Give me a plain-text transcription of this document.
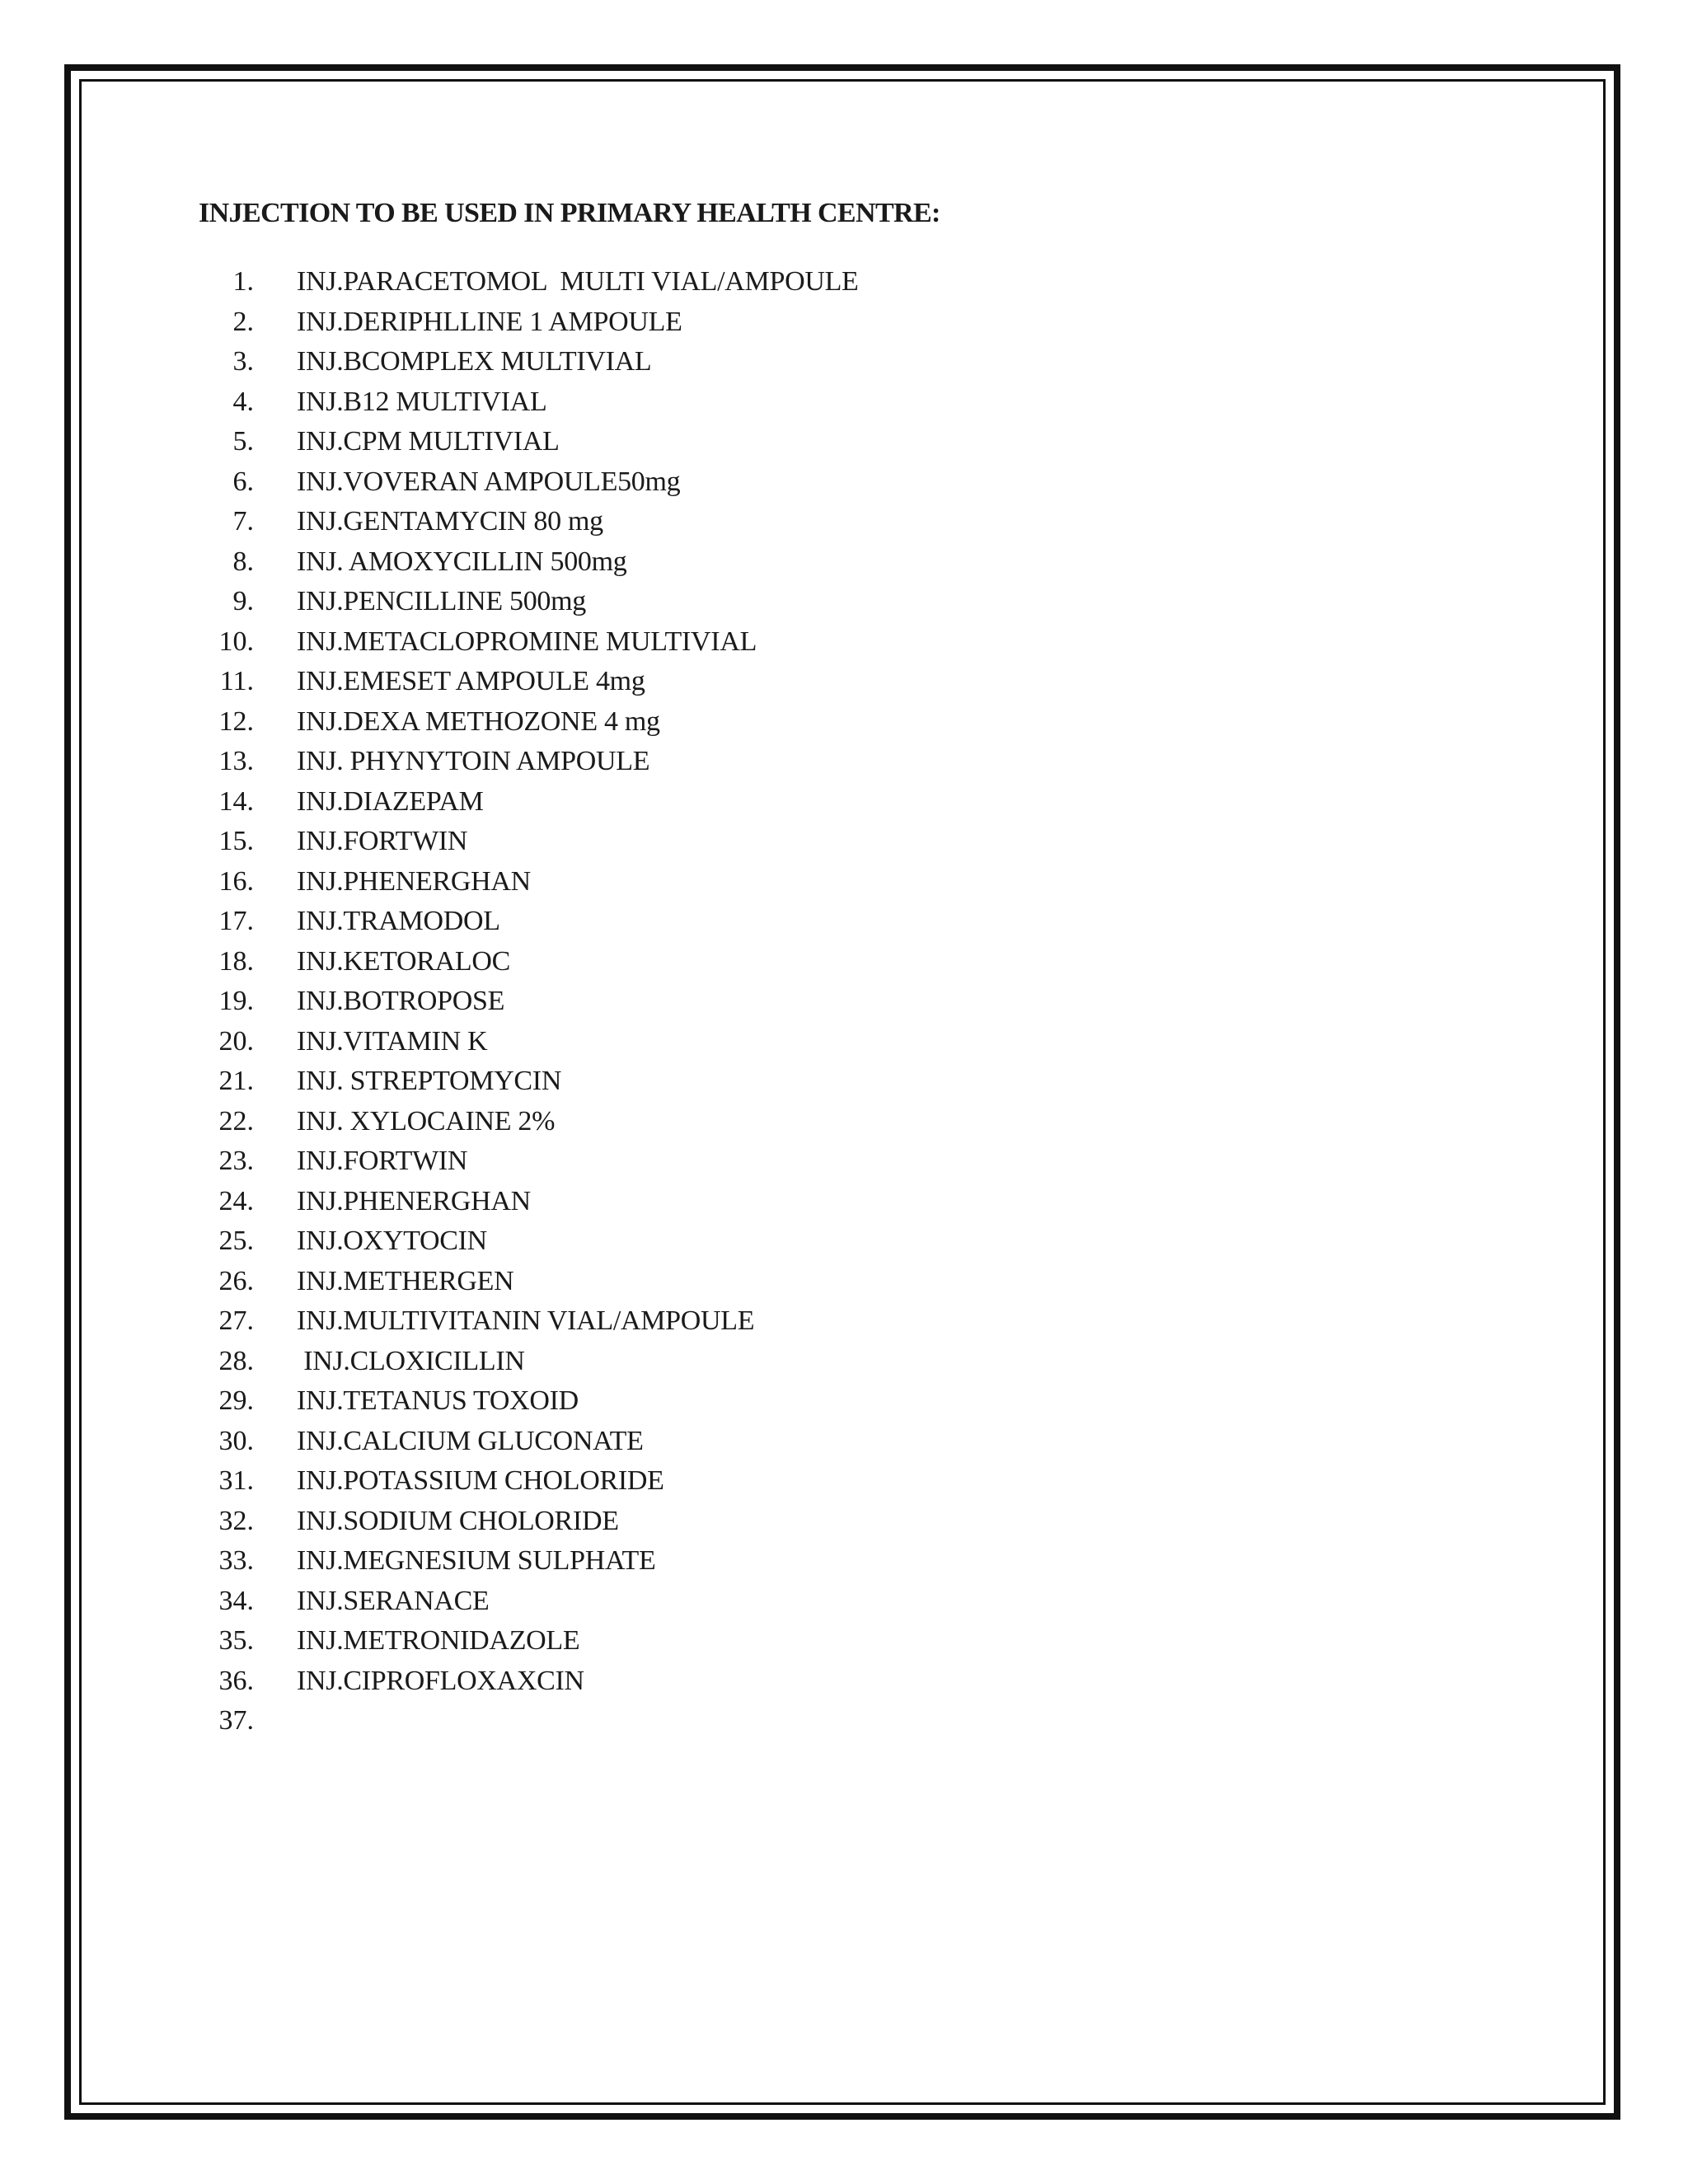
INJECTION TO BE USED IN PRIMARY HEALTH CENTRE:
1. INJ.PARACETOMOL  MULTI VIAL/AMPOULE
2. INJ.DERIPHLLINE 1 AMPOULE
3. INJ.BCOMPLEX MULTIVIAL
4. INJ.B12 MULTIVIAL
5. INJ.CPM MULTIVIAL
6. INJ.VOVERAN AMPOULE50mg
7. INJ.GENTAMYCIN 80 mg
8. INJ. AMOXYCILLIN 500mg
9. INJ.PENCILLINE 500mg
10. INJ.METACLOPROMINE MULTIVIAL
11. INJ.EMESET AMPOULE 4mg
12. INJ.DEXA METHOZONE 4 mg
13. INJ. PHYNYTOIN AMPOULE
14. INJ.DIAZEPAM
15. INJ.FORTWIN
16. INJ.PHENERGHAN
17. INJ.TRAMODOL
18. INJ.KETORALOC
19. INJ.BOTROPOSE
20. INJ.VITAMIN K
21. INJ. STREPTOMYCIN
22. INJ. XYLOCAINE 2%
23. INJ.FORTWIN
24. INJ.PHENERGHAN
25. INJ.OXYTOCIN
26. INJ.METHERGEN
27. INJ.MULTIVITANIN VIAL/AMPOULE
28. INJ.CLOXICILLIN
29. INJ.TETANUS TOXOID
30. INJ.CALCIUM GLUCONATE
31. INJ.POTASSIUM CHOLORIDE
32. INJ.SODIUM CHOLORIDE
33. INJ.MEGNESIUM SULPHATE
34. INJ.SERANACE
35. INJ.METRONIDAZOLE
36. INJ.CIPROFLOXAXCIN
37.
